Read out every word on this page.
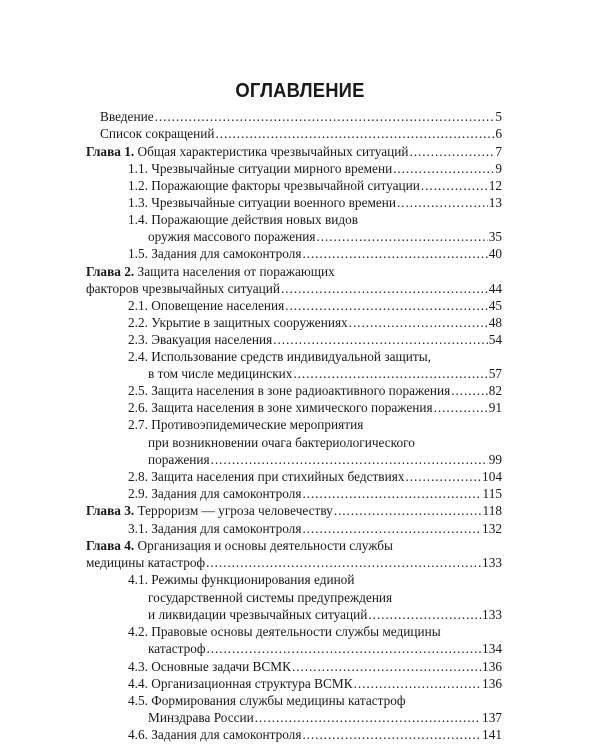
ОГЛАВЛЕНИЕ
Введение . . .	5
Список сокращений . . .	6
Глава 1. Общая характеристика чрезвычайных ситуаций . . .	7
1.1. Чрезвычайные ситуации мирного времени . . .	9
1.2. Поражающие факторы чрезвычайной ситуации . . .	12
1.3. Чрезвычайные ситуации военного времени . . .	13
1.4. Поражающие действия новых видов
оружия массового поражения . . .	35
1.5. Задания для самоконтроля . . .	40
Глава 2. Защита населения от поражающих
факторов чрезвычайных ситуаций . . .	44
2.1. Оповещение населения . . .	45
2.2. Укрытие в защитных сооружениях . . .	48
2.3. Эвакуация населения . . .	54
2.4. Использование средств индивидуальной защиты,
в том числе медицинских . . .	57
2.5. Защита населения в зоне радиоактивного поражения . . .	82
2.6. Защита населения в зоне химического поражения . . .	91
2.7. Противоэпидемические мероприятия
при возникновении очага бактериологического
поражения . . .	99
2.8. Защита населения при стихийных бедствиях . . .	104
2.9. Задания для самоконтроля . . .	115
Глава 3. Терроризм — угроза человечеству . . .	118
3.1. Задания для самоконтроля . . .	132
Глава 4. Организация и основы деятельности службы
медицины катастроф . . .	133
4.1. Режимы функционирования единой
государственной системы предупреждения
и ликвидации чрезвычайных ситуаций . . .	133
4.2. Правовые основы деятельности службы медицины
катастроф . . .	134
4.3. Основные задачи ВСМК . . .	136
4.4. Организационная структура ВСМК . . .	136
4.5. Формирования службы медицины катастроф
Минздрава России . . .	137
4.6. Задания для самоконтроля . . .	141
